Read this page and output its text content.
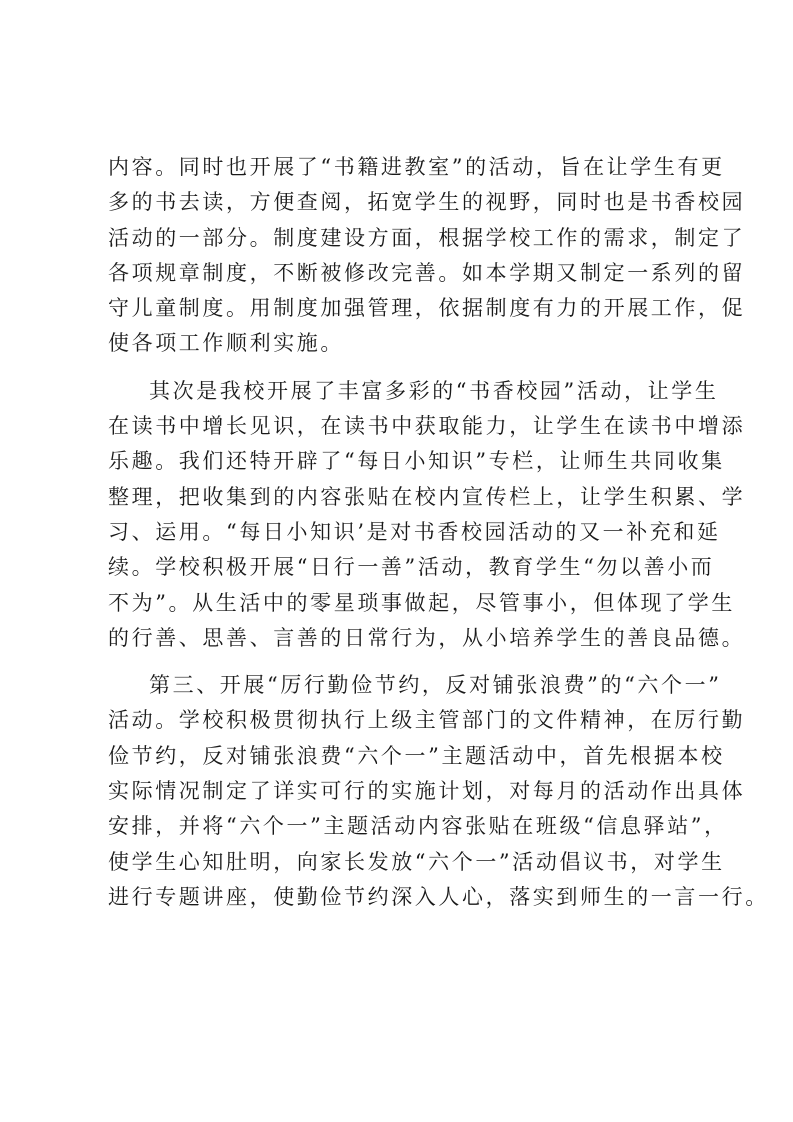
内容。同时也开展了“书籍进教室”的活动，旨在让学生有更
多的书去读，方便查阅，拓宽学生的视野，同时也是书香校园
活动的一部分。制度建设方面，根据学校工作的需求，制定了
各项规章制度，不断被修改完善。如本学期又制定一系列的留
守儿童制度。用制度加强管理，依据制度有力的开展工作，促
使各项工作顺利实施。
其次是我校开展了丰富多彩的“书香校园”活动，让学生
在读书中增长见识，在读书中获取能力，让学生在读书中增添
乐趣。我们还特开辟了“每日小知识”专栏，让师生共同收集
整理，把收集到的内容张贴在校内宣传栏上，让学生积累、学
习、运用。“每日小知识’是对书香校园活动的又一补充和延
续。学校积极开展“日行一善”活动，教育学生“勿以善小而
不为”。从生活中的零星琐事做起，尽管事小，但体现了学生
的行善、思善、言善的日常行为，从小培养学生的善良品德。
第三、开展“厉行勤俭节约，反对铺张浪费”的“六个一”
活动。学校积极贯彻执行上级主管部门的文件精神，在厉行勤
俭节约，反对铺张浪费“六个一”主题活动中，首先根据本校
实际情况制定了详实可行的实施计划，对每月的活动作出具体
安排，并将“六个一”主题活动内容张贴在班级“信息驿站”，
使学生心知肚明，向家长发放“六个一”活动倡议书，对学生
进行专题讲座，使勤俭节约深入人心，落实到师生的一言一行。
